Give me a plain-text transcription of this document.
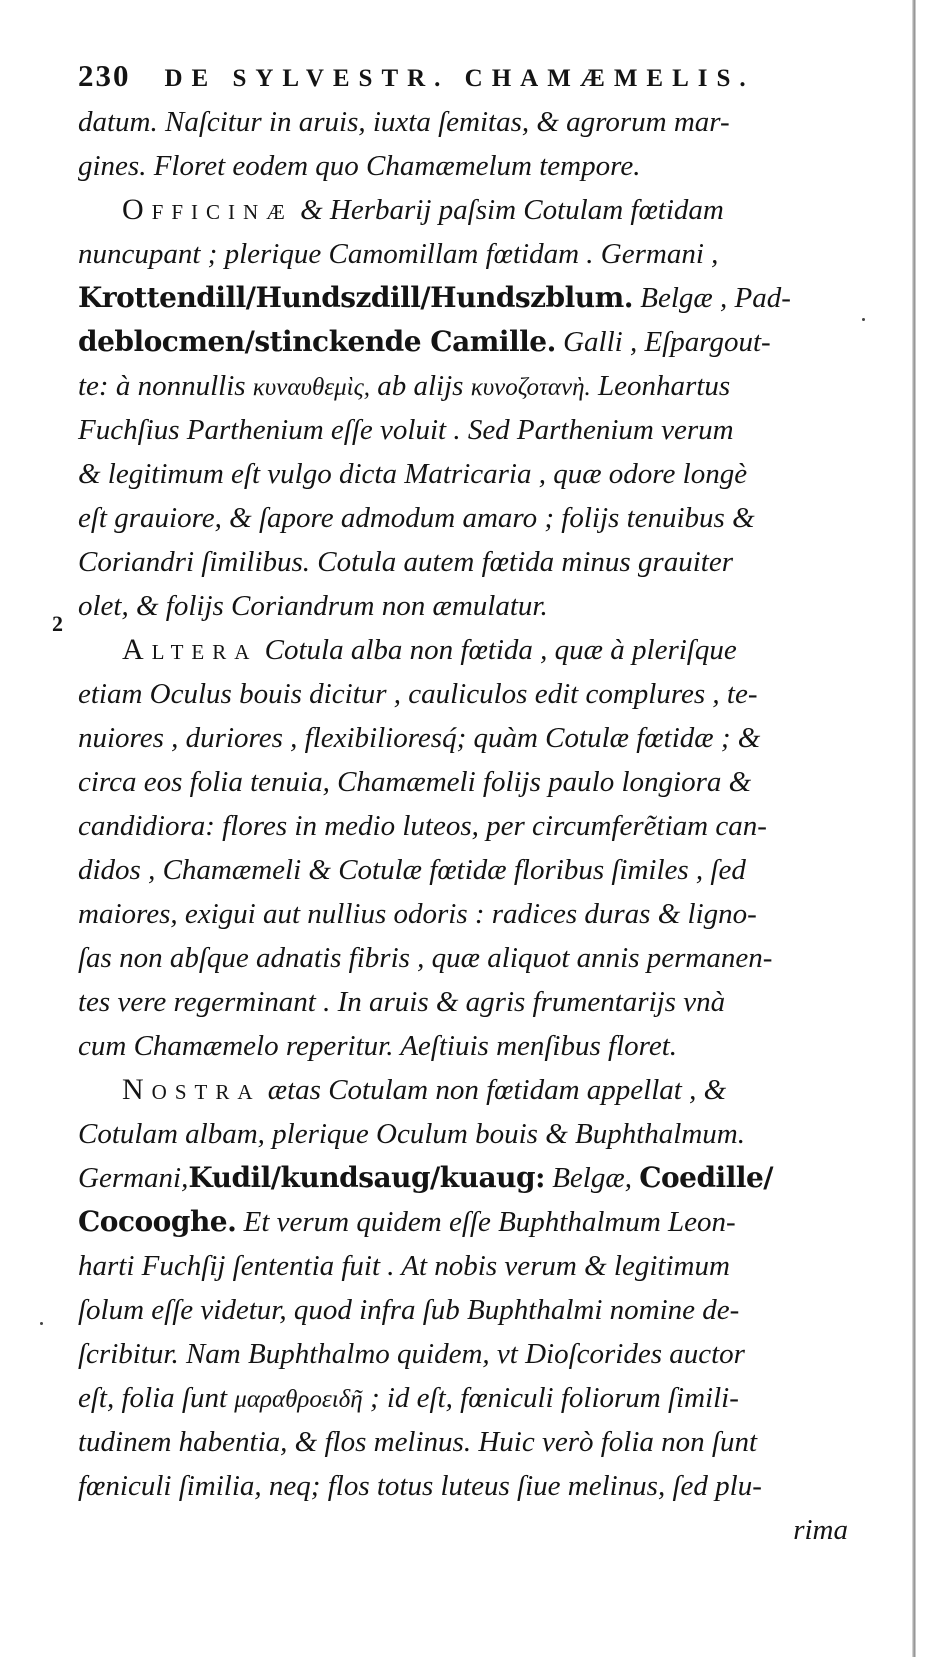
230 DE SYLVESTR. CHAMÆMELIS.
2
datum. Naſcitur in aruis, iuxta ſemitas, & agrorum mar-
gines. Floret eodem quo Chamæmelum tempore.
Officinæ & Herbarij paſsim Cotulam fœtidam
nuncupant ; plerique Camomillam fœtidam . Germani ,
Krottendill/Hundszdill/Hundszblum. Belgæ , Pad-
deblocmen/stinckende Camille. Galli , Eſpargout-
te: à nonnullis κυναυθεμὶς, ab alijs κυνοζοτανὴ. Leonhartus
Fuchſius Parthenium eſſe voluit . Sed Parthenium verum
& legitimum eſt vulgo dicta Matricaria , quæ odore longè
eſt grauiore, & ſapore admodum amaro ; folijs tenuibus &
Coriandri ſimilibus. Cotula autem fœtida minus grauiter
olet, & folijs Coriandrum non æmulatur.
Altera Cotula alba non fœtida , quæ à pleriſque
etiam Oculus bouis dicitur , cauliculos edit complures , te-
nuiores , duriores , flexibilioresq́; quàm Cotulæ fœtidæ ; &
circa eos folia tenuia, Chamæmeli folijs paulo longiora &
candidiora: flores in medio luteos, per circumferẽtiam can-
didos , Chamæmeli & Cotulæ fœtidæ floribus ſimiles , ſed
maiores, exigui aut nullius odoris : radices duras & ligno-
ſas non abſque adnatis fibris , quæ aliquot annis permanen-
tes vere regerminant . In aruis & agris frumentarijs vnà
cum Chamæmelo reperitur. Aeſtiuis menſibus floret.
Nostra ætas Cotulam non fœtidam appellat , &
Cotulam albam, plerique Oculum bouis & Buphthalmum.
Germani,Kudil/kundsaug/kuaug: Belgæ, Coedille/
Cocooghe. Et verum quidem eſſe Buphthalmum Leon-
harti Fuchſij ſententia fuit . At nobis verum & legitimum
ſolum eſſe videtur, quod infra ſub Buphthalmi nomine de-
ſcribitur. Nam Buphthalmo quidem, vt Dioſcorides auctor
eſt, folia ſunt μαραθροειδῆ ; id eſt, fœniculi foliorum ſimili-
tudinem habentia, & flos melinus. Huic verò folia non ſunt
fœniculi ſimilia, neq; flos totus luteus ſiue melinus, ſed plu-
rima
